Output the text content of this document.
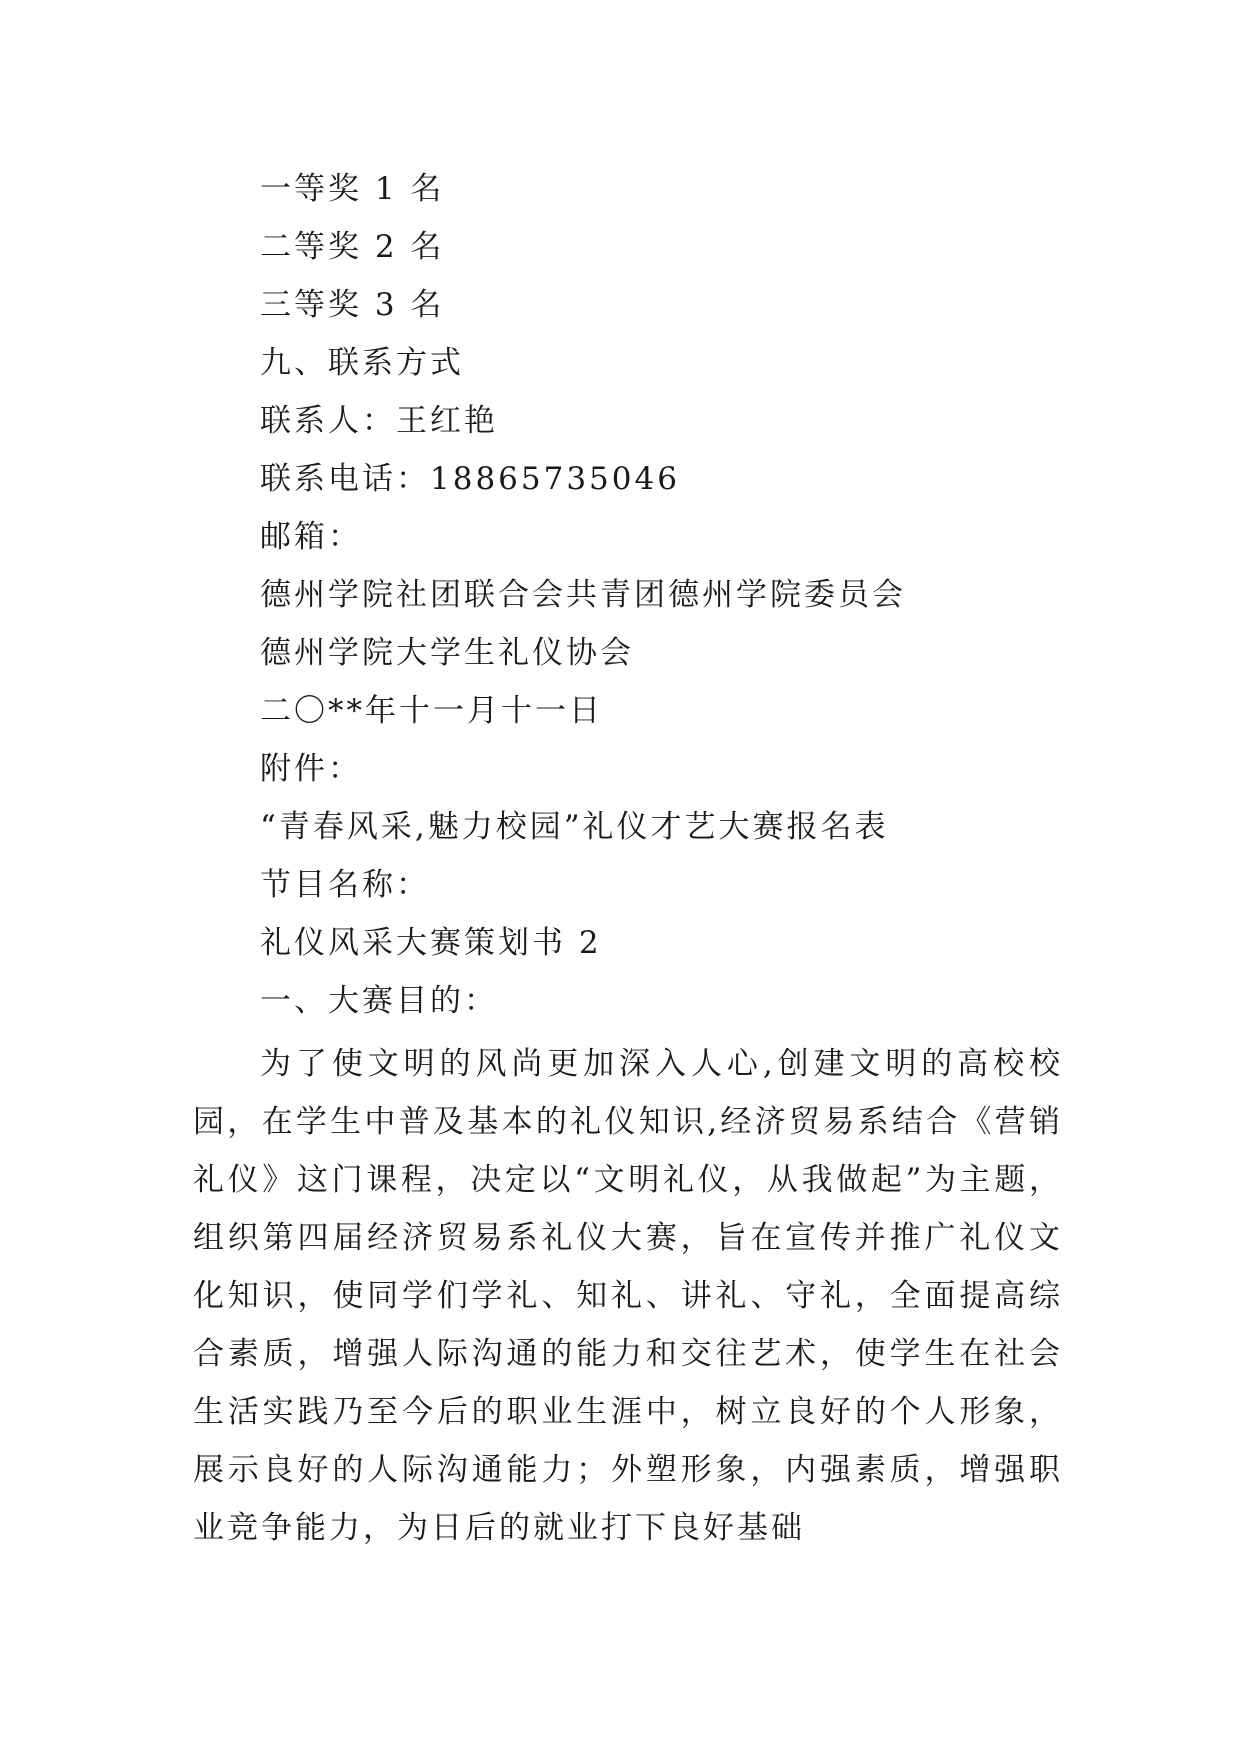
一等奖 1 名
二等奖 2 名
三等奖 3 名
九、联系方式
联系人：王红艳
联系电话：18865735046
邮箱：
德州学院社团联合会共青团德州学院委员会
德州学院大学生礼仪协会
二〇**年十一月十一日
附件：
“青春风采,魅力校园”礼仪才艺大赛报名表
节目名称：
礼仪风采大赛策划书 2
一、大赛目的：
为了使文明的风尚更加深入人心,创建文明的高校校园，在学生中普及基本的礼仪知识,经济贸易系结合《营销礼仪》这门课程，决定以“文明礼仪，从我做起”为主题，组织第四届经济贸易系礼仪大赛，旨在宣传并推广礼仪文化知识，使同学们学礼、知礼、讲礼、守礼，全面提高综合素质，增强人际沟通的能力和交往艺术，使学生在社会生活实践乃至今后的职业生涯中，树立良好的个人形象，展示良好的人际沟通能力；外塑形象，内强素质，增强职业竞争能力，为日后的就业打下良好基础
